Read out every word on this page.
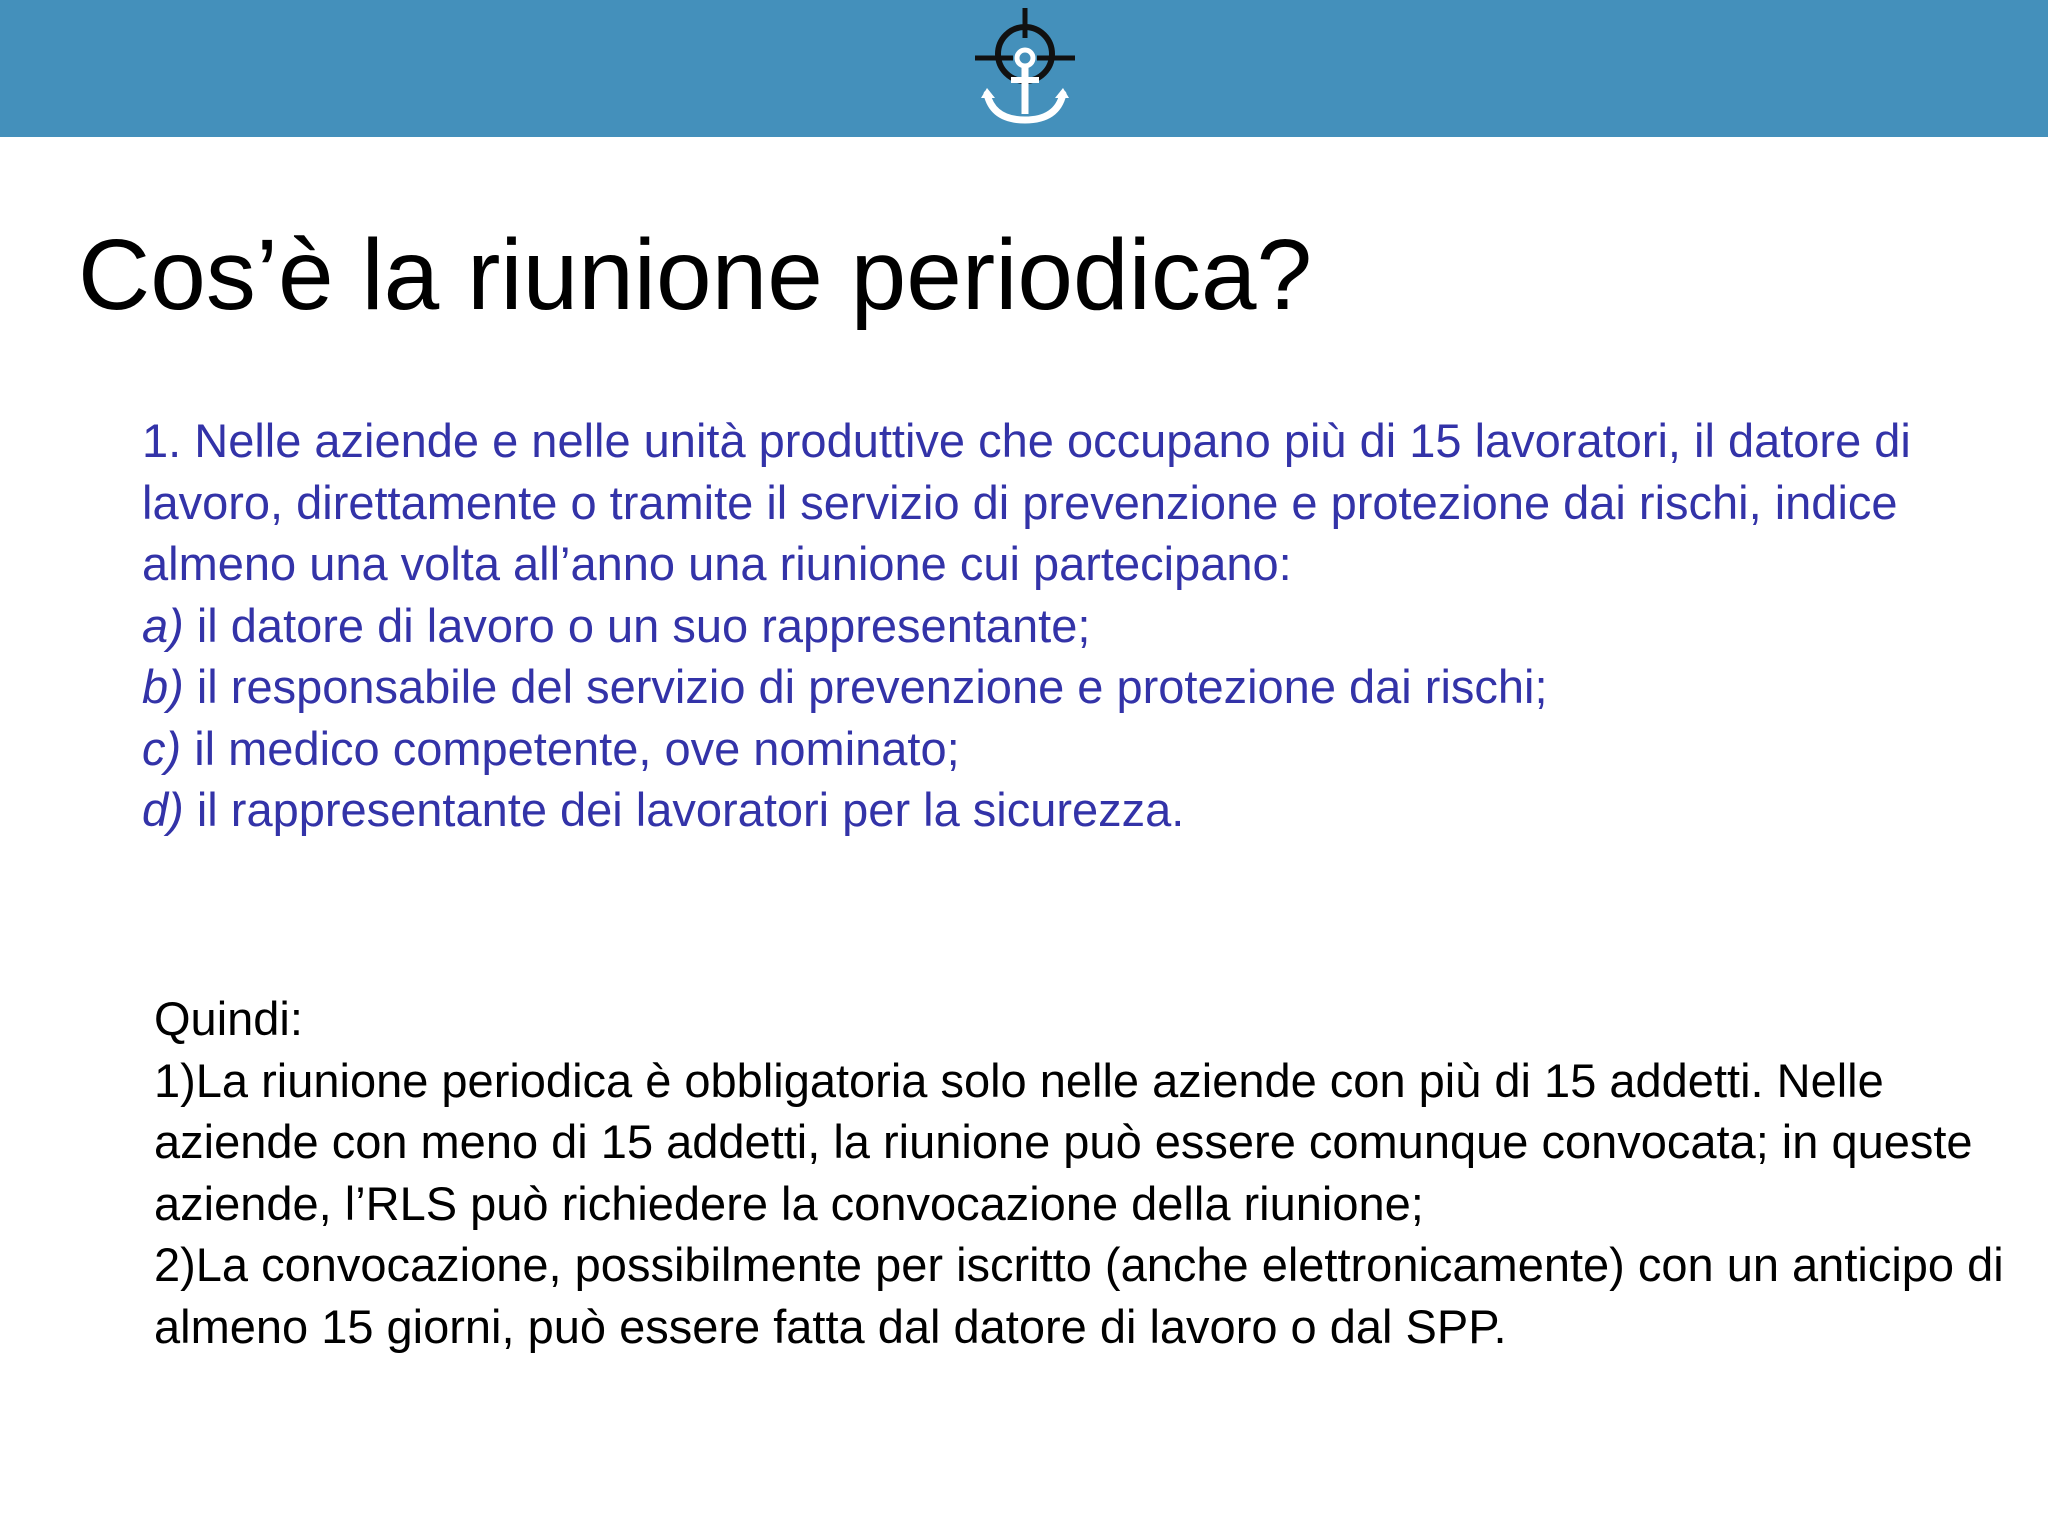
Cos’è la riunione periodica?

1. Nelle aziende e nelle unità produttive che occupano più di 15 lavoratori, il datore di lavoro, direttamente o tramite il servizio di prevenzione e protezione dai rischi, indice almeno una volta all’anno una riunione cui partecipano:

a) il datore di lavoro o un suo rappresentante;

b) il responsabile del servizio di prevenzione e protezione dai rischi;

c) il medico competente, ove nominato;

d) il rappresentante dei lavoratori per la sicurezza.

Quindi:

1)La riunione periodica è obbligatoria solo nelle aziende con più di 15 addetti. Nelle aziende con meno di 15 addetti, la riunione può essere comunque convocata; in queste aziende, l’RLS può richiedere la convocazione della riunione;

2)La convocazione, possibilmente per iscritto (anche elettronicamente) con un anticipo di almeno 15 giorni, può essere fatta dal datore di lavoro o dal SPP.
